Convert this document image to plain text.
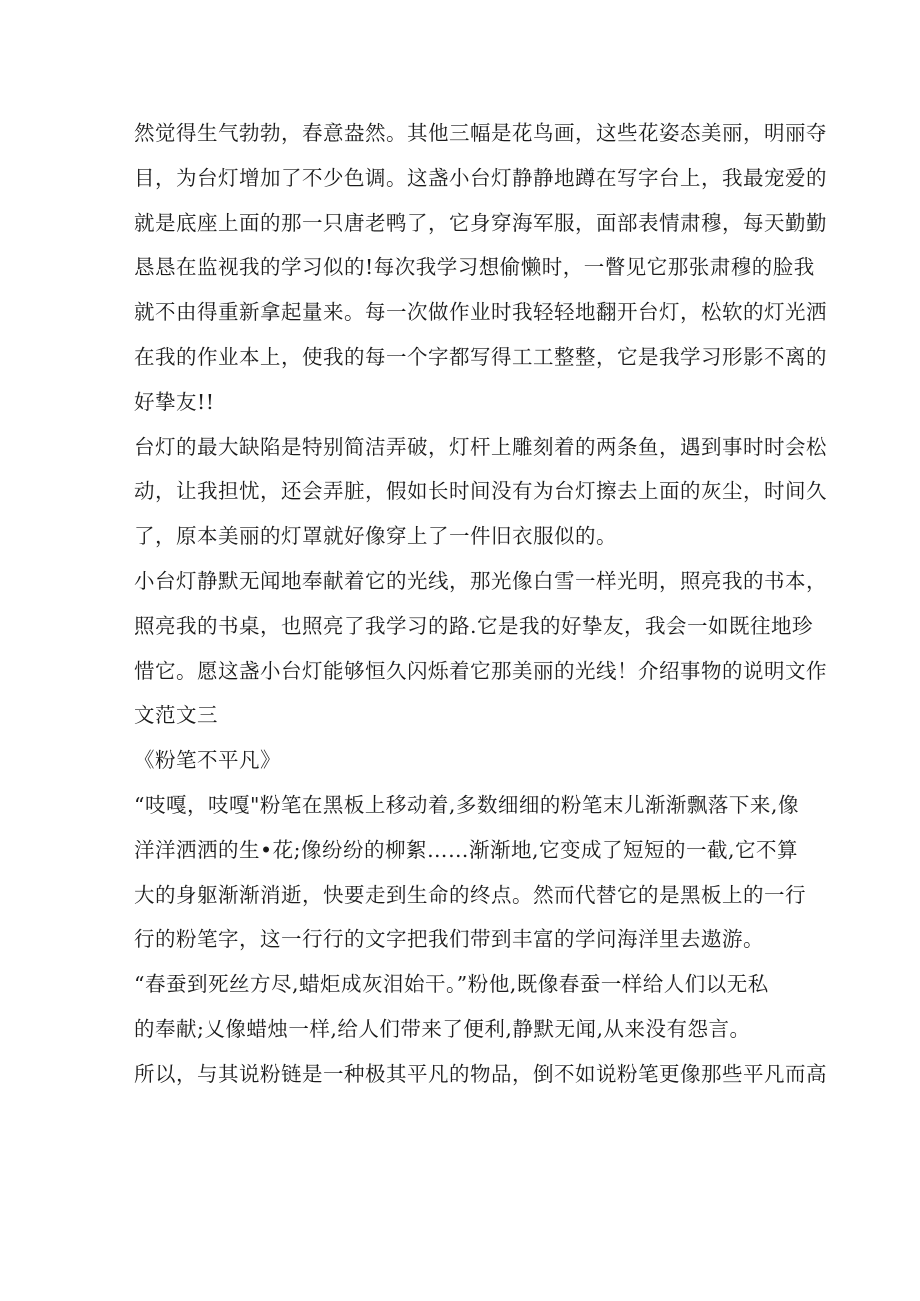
然觉得生气勃勃，春意盎然。其他三幅是花鸟画，这些花姿态美丽，明丽夺
目，为台灯增加了不少色调。这盏小台灯静静地蹲在写字台上，我最宠爱的
就是底座上面的那一只唐老鸭了，它身穿海军服，面部表情肃穆，每天勤勤
恳恳在监视我的学习似的!每次我学习想偷懒时，一瞥见它那张肃穆的脸我
就不由得重新拿起量来。每一次做作业时我轻轻地翻开台灯，松软的灯光洒
在我的作业本上，使我的每一个字都写得工工整整，它是我学习形影不离的
好挚友!!
台灯的最大缺陷是特别简洁弄破，灯杆上雕刻着的两条鱼，遇到事时时会松
动，让我担忧，还会弄脏，假如长时间没有为台灯擦去上面的灰尘，时间久
了，原本美丽的灯罩就好像穿上了一件旧衣服似的。
小台灯静默无闻地奉献着它的光线，那光像白雪一样光明，照亮我的书本，
照亮我的书桌，也照亮了我学习的路.它是我的好挚友，我会一如既往地珍
惜它。愿这盏小台灯能够恒久闪烁着它那美丽的光线！介绍事物的说明文作
文范文三
《粉笔不平凡》
“吱嘎，吱嘎"粉笔在黑板上移动着,多数细细的粉笔末儿渐渐飘落下来,像
洋洋洒洒的生•花;像纷纷的柳絮……渐渐地,它变成了短短的一截,它不算
大的身躯渐渐消逝，快要走到生命的终点。然而代替它的是黑板上的一行
行的粉笔字，这一行行的文字把我们带到丰富的学问海洋里去遨游。
“春蚕到死丝方尽,蜡炬成灰泪始干。”粉他,既像春蚕一样给人们以无私
的奉献;乂像蜡烛一样,给人们带来了便利,静默无闻,从来没有怨言。
所以，与其说粉链是一种极其平凡的物品，倒不如说粉笔更像那些平凡而高
